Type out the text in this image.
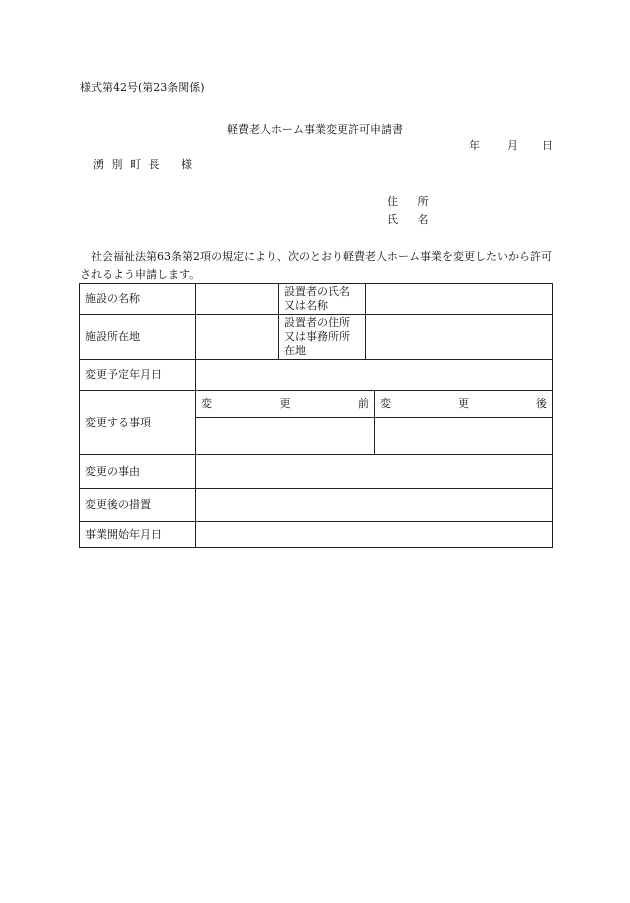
様式第42号(第23条関係)
軽費老人ホーム事業変更許可申請書
年 月 日
湧 別 町 長 様
住 所
氏 名
社会福祉法第63条第2項の規定により、次のとおり軽費老人ホーム事業を変更したいから許可されるよう申請します。
施設の名称		設置者の氏名
又は名称		

施設所在地		設置者の住所
又は事務所所
在地		

変更予定年月日				
変更する事項	変 更 前			変 更 後

変更の事由				
変更後の措置				
事業開始年月日				
